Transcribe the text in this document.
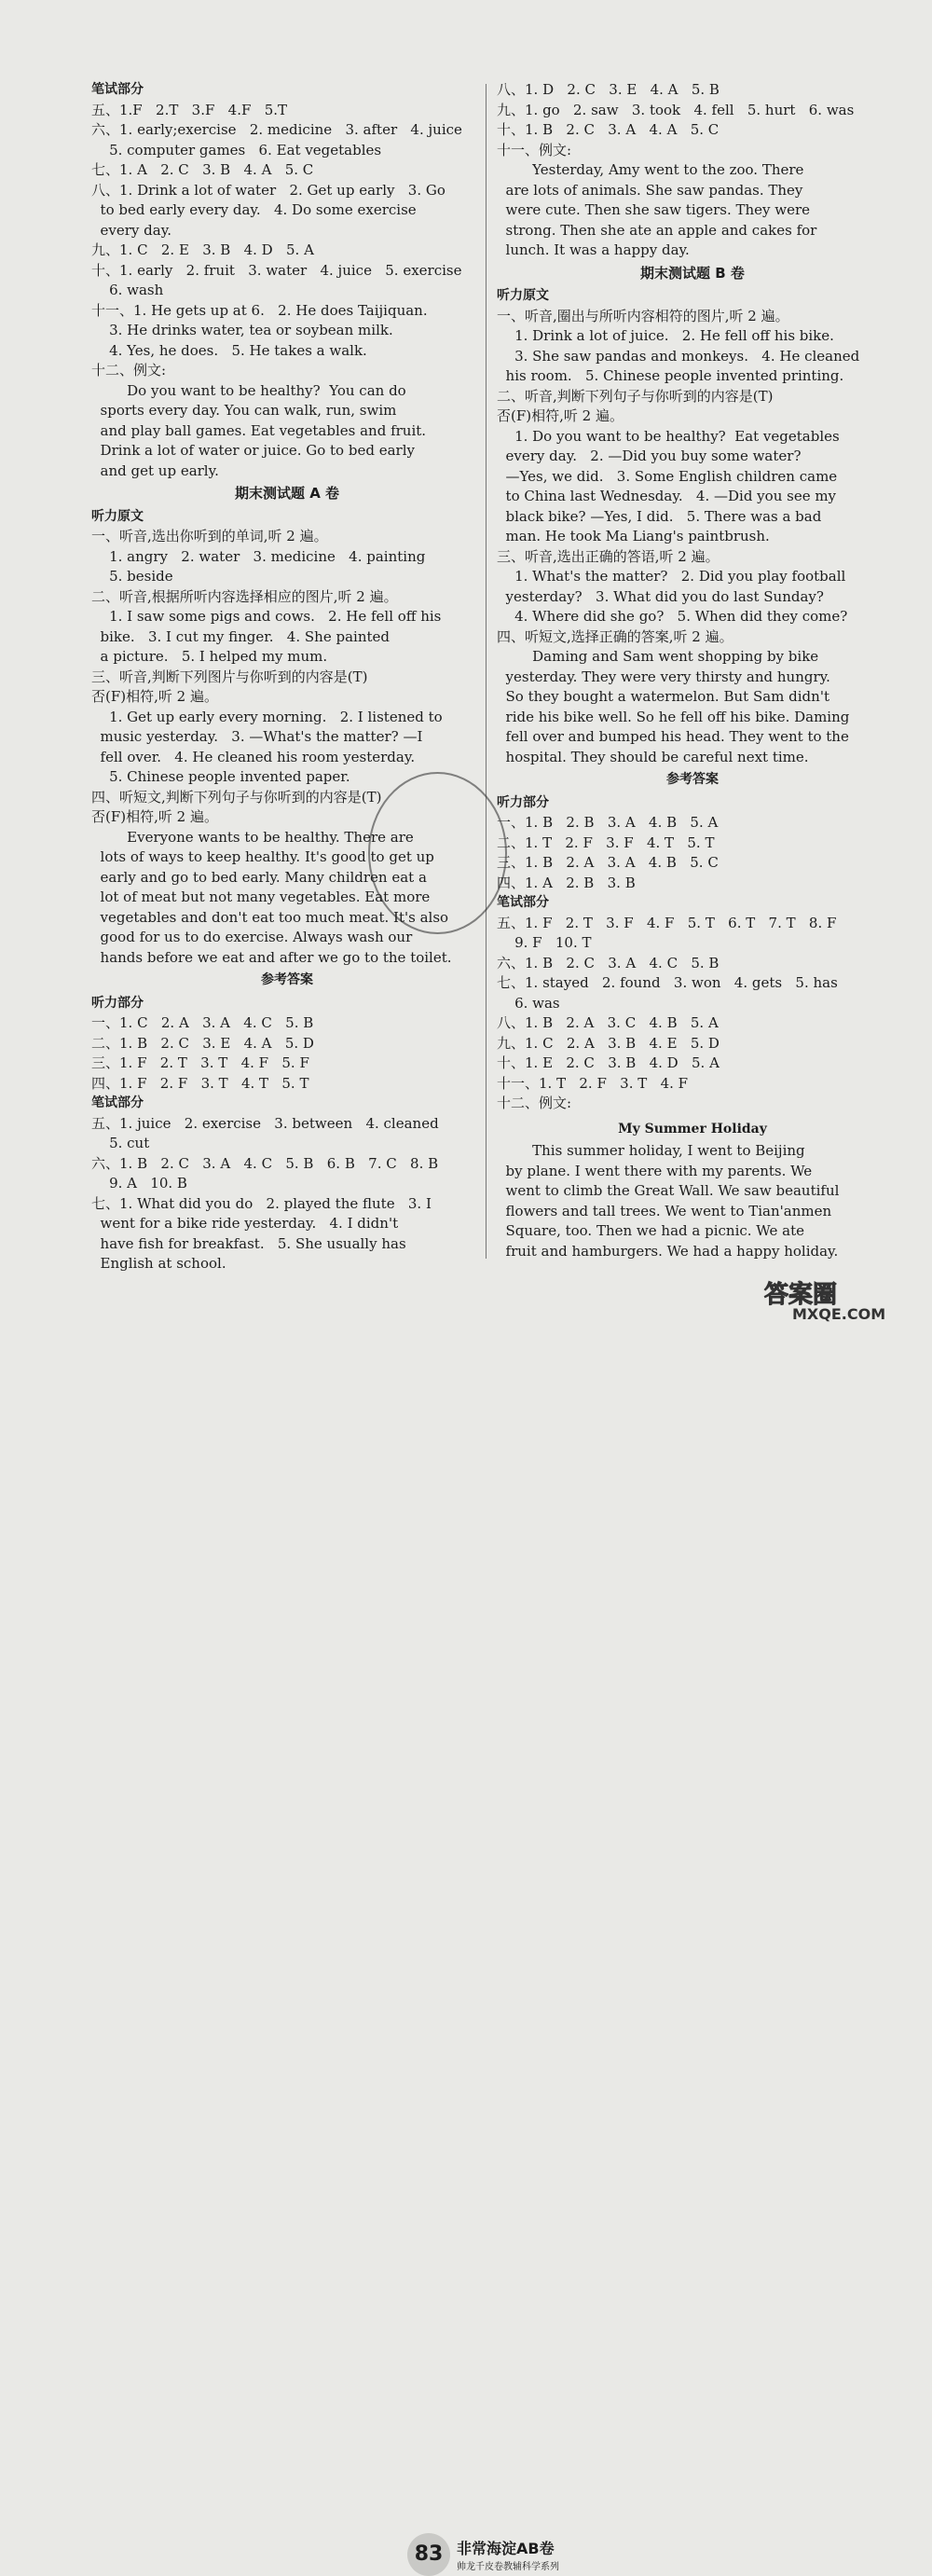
笔试部分
五、1.F   2.T   3.F   4.F   5.T
六、1. early;exercise   2. medicine   3. after   4. juice
5. computer games   6. Eat vegetables
七、1. A   2. C   3. B   4. A   5. C
八、1. Drink a lot of water   2. Get up early   3. Go
to bed early every day.   4. Do some exercise
every day.
九、1. C   2. E   3. B   4. D   5. A
十、1. early   2. fruit   3. water   4. juice   5. exercise
6. wash
十一、1. He gets up at 6.   2. He does Taijiquan.
3. He drinks water, tea or soybean milk.
4. Yes, he does.   5. He takes a walk.
十二、例文:
Do you want to be healthy?  You can do
sports every day. You can walk, run, swim
and play ball games. Eat vegetables and fruit.
Drink a lot of water or juice. Go to bed early
and get up early.
期末测试题 A 卷
听力原文
一、听音,选出你听到的单词,听 2 遍。
1. angry   2. water   3. medicine   4. painting
5. beside
二、听音,根据所听内容选择相应的图片,听 2 遍。
1. I saw some pigs and cows.   2. He fell off his
bike.   3. I cut my finger.   4. She painted
a picture.   5. I helped my mum.
三、听音,判断下列图片与你听到的内容是(T)
否(F)相符,听 2 遍。
1. Get up early every morning.   2. I listened to
music yesterday.   3. —What's the matter? —I
fell over.   4. He cleaned his room yesterday.
5. Chinese people invented paper.
四、听短文,判断下列句子与你听到的内容是(T)
否(F)相符,听 2 遍。
Everyone wants to be healthy. There are
lots of ways to keep healthy. It's good to get up
early and go to bed early. Many children eat a
lot of meat but not many vegetables. Eat more
vegetables and don't eat too much meat. It's also
good for us to do exercise. Always wash our
hands before we eat and after we go to the toilet.
参考答案
听力部分
一、1. C   2. A   3. A   4. C   5. B
二、1. B   2. C   3. E   4. A   5. D
三、1. F   2. T   3. T   4. F   5. F
四、1. F   2. F   3. T   4. T   5. T
笔试部分
五、1. juice   2. exercise   3. between   4. cleaned
5. cut
六、1. B   2. C   3. A   4. C   5. B   6. B   7. C   8. B
9. A   10. B
七、1. What did you do   2. played the flute   3. I
went for a bike ride yesterday.   4. I didn't
have fish for breakfast.   5. She usually has
English at school.
八、1. D   2. C   3. E   4. A   5. B
九、1. go   2. saw   3. took   4. fell   5. hurt   6. was
十、1. B   2. C   3. A   4. A   5. C
十一、例文:
Yesterday, Amy went to the zoo. There
are lots of animals. She saw pandas. They
were cute. Then she saw tigers. They were
strong. Then she ate an apple and cakes for
lunch. It was a happy day.
期末测试题 B 卷
听力原文
一、听音,圈出与所听内容相符的图片,听 2 遍。
1. Drink a lot of juice.   2. He fell off his bike.
3. She saw pandas and monkeys.   4. He cleaned
his room.   5. Chinese people invented printing.
二、听音,判断下列句子与你听到的内容是(T)
否(F)相符,听 2 遍。
1. Do you want to be healthy?  Eat vegetables
every day.   2. —Did you buy some water?
—Yes, we did.   3. Some English children came
to China last Wednesday.   4. —Did you see my
black bike? —Yes, I did.   5. There was a bad
man. He took Ma Liang's paintbrush.
三、听音,选出正确的答语,听 2 遍。
1. What's the matter?   2. Did you play football
yesterday?   3. What did you do last Sunday?
4. Where did she go?   5. When did they come?
四、听短文,选择正确的答案,听 2 遍。
Daming and Sam went shopping by bike
yesterday. They were very thirsty and hungry.
So they bought a watermelon. But Sam didn't
ride his bike well. So he fell off his bike. Daming
fell over and bumped his head. They went to the
hospital. They should be careful next time.
参考答案
听力部分
一、1. B   2. B   3. A   4. B   5. A
二、1. T   2. F   3. F   4. T   5. T
三、1. B   2. A   3. A   4. B   5. C
四、1. A   2. B   3. B
笔试部分
五、1. F   2. T   3. F   4. F   5. T   6. T   7. T   8. F
9. F   10. T
六、1. B   2. C   3. A   4. C   5. B
七、1. stayed   2. found   3. won   4. gets   5. has
6. was
八、1. B   2. A   3. C   4. B   5. A
九、1. C   2. A   3. B   4. E   5. D
十、1. E   2. C   3. B   4. D   5. A
十一、1. T   2. F   3. T   4. F
十二、例文:
My Summer Holiday
This summer holiday, I went to Beijing
by plane. I went there with my parents. We
went to climb the Great Wall. We saw beautiful
flowers and tall trees. We went to Tian'anmen
Square, too. Then we had a picnic. We ate
fruit and hamburgers. We had a happy holiday.
83 非常海淀AB卷
帅龙千皮卷教辅科学系列
答案圈
MXQE.COM
